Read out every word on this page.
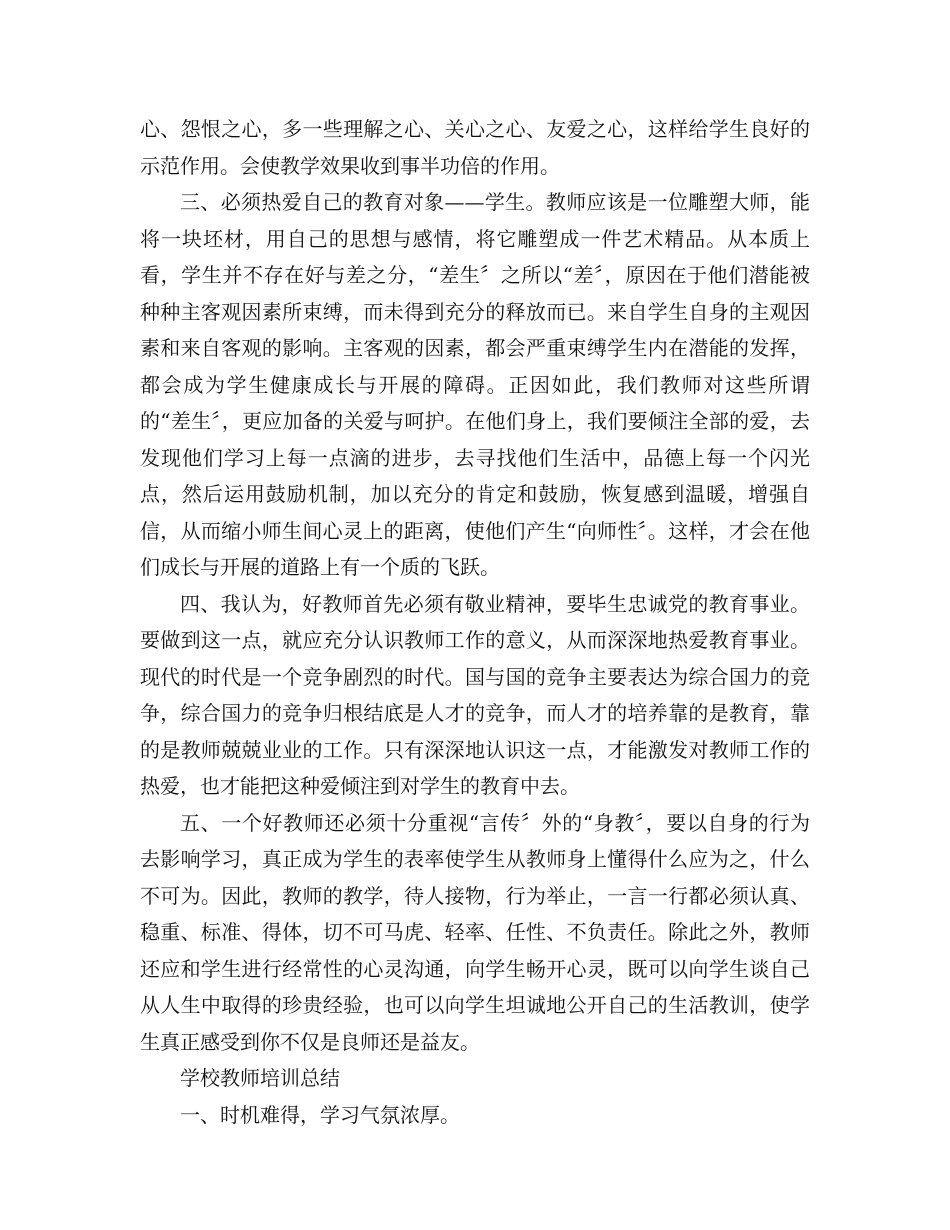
心、怨恨之心，多一些理解之心、关心之心、友爱之心，这样给学生良好的示范作用。会使教学效果收到事半功倍的作用。

三、必须热爱自己的教育对象——学生。教师应该是一位雕塑大师，能将一块坯材，用自己的思想与感情，将它雕塑成一件艺术精品。从本质上看，学生并不存在好与差之分，“差生〞之所以“差〞，原因在于他们潜能被种种主客观因素所束缚，而未得到充分的释放而已。来自学生自身的主观因素和来自客观的影响。主客观的因素，都会严重束缚学生内在潜能的发挥，都会成为学生健康成长与开展的障碍。正因如此，我们教师对这些所谓的“差生〞，更应加备的关爱与呵护。在他们身上，我们要倾注全部的爱，去发现他们学习上每一点滴的进步，去寻找他们生活中，品德上每一个闪光点，然后运用鼓励机制，加以充分的肯定和鼓励，恢复感到温暖，增强自信，从而缩小师生间心灵上的距离，使他们产生“向师性〞。这样，才会在他们成长与开展的道路上有一个质的飞跃。

四、我认为，好教师首先必须有敬业精神，要毕生忠诚党的教育事业。要做到这一点，就应充分认识教师工作的意义，从而深深地热爱教育事业。现代的时代是一个竞争剧烈的时代。国与国的竞争主要表达为综合国力的竞争，综合国力的竞争归根结底是人才的竞争，而人才的培养靠的是教育，靠的是教师兢兢业业的工作。只有深深地认识这一点，才能激发对教师工作的热爱，也才能把这种爱倾注到对学生的教育中去。

五、一个好教师还必须十分重视“言传〞外的“身教〞，要以自身的行为去影响学习，真正成为学生的表率使学生从教师身上懂得什么应为之，什么不可为。因此，教师的教学，待人接物，行为举止，一言一行都必须认真、稳重、标准、得体，切不可马虎、轻率、任性、不负责任。除此之外，教师还应和学生进行经常性的心灵沟通，向学生畅开心灵，既可以向学生谈自己从人生中取得的珍贵经验，也可以向学生坦诚地公开自己的生活教训，使学生真正感受到你不仅是良师还是益友。

学校教师培训总结

一、时机难得，学习气氛浓厚。
